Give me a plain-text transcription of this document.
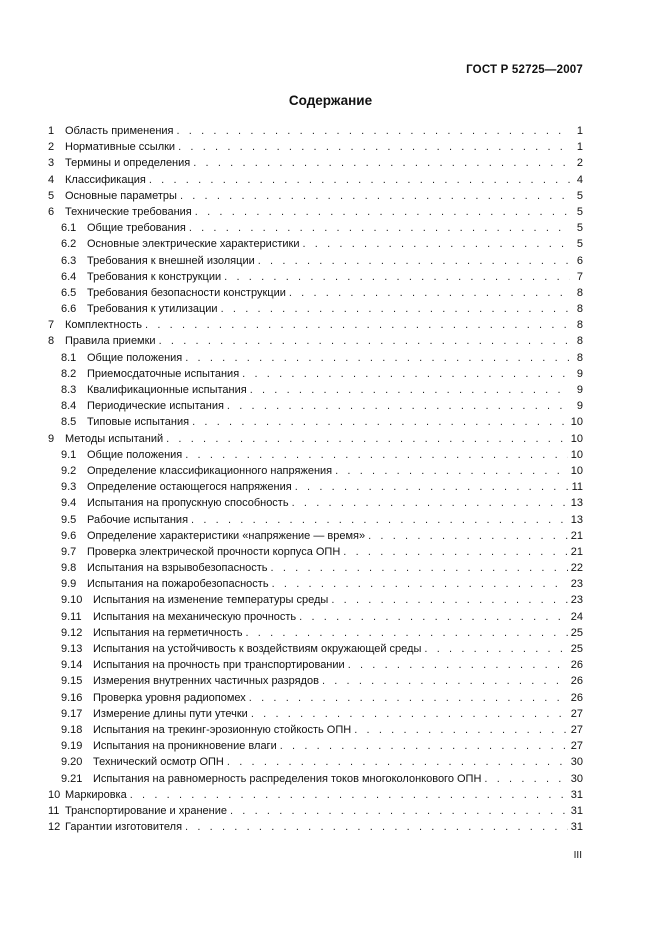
ГОСТ Р 52725—2007
Содержание
1 Область применения . . .	1
2 Нормативные ссылки . . .	1
3 Термины и определения . . .	2
4 Классификация . . .	4
5 Основные параметры . . .	5
6 Технические требования . . .	5
6.1 Общие требования . . .	5
6.2 Основные электрические характеристики . . .	5
6.3 Требования к внешней изоляции . . .	6
6.4 Требования к конструкции . . .	7
6.5 Требования безопасности конструкции . . .	8
6.6 Требования к утилизации . . .	8
7 Комплектность . . .	8
8 Правила приемки . . .	8
8.1 Общие положения . . .	8
8.2 Приемосдаточные испытания . . .	9
8.3 Квалификационные испытания . . .	9
8.4 Периодические испытания . . .	9
8.5 Типовые испытания . . .	10
9 Методы испытаний . . .	10
9.1 Общие положения . . .	10
9.2 Определение классификационного напряжения . . .	10
9.3 Определение остающегося напряжения . . .	11
9.4 Испытания на пропускную способность . . .	13
9.5 Рабочие испытания . . .	13
9.6 Определение характеристики «напряжение — время» . . .	21
9.7 Проверка электрической прочности корпуса ОПН . . .	21
9.8 Испытания на взрывобезопасность . . .	22
9.9 Испытания на пожаробезопасность . . .	23
9.10 Испытания на изменение температуры среды . . .	23
9.11	Испытания на механическую прочность . . .	24
9.12 Испытания на герметичность . . .	25
9.13 Испытания на устойчивость к воздействиям окружающей среды . . .	25
9.14 Испытания на прочность при транспортировании . . .	26
9.15 Измерения внутренних частичных разрядов . . .	26
9.16 Проверка уровня радиопомех . . .	26
9.17 Измерение длины пути утечки . . .	27
9.18 Испытания на трекинг-эрозионную стойкость ОПН . . .	27
9.19 Испытания на проникновение влаги . . .	27
9.20 Технический осмотр ОПН . . .	30
9.21 Испытания на равномерность распределения токов многоколонкового ОПН . . .	30
10 Маркировка . . .	31
11 Транспортирование и хранение . . .	31
12 Гарантии изготовителя . . .	31
III
